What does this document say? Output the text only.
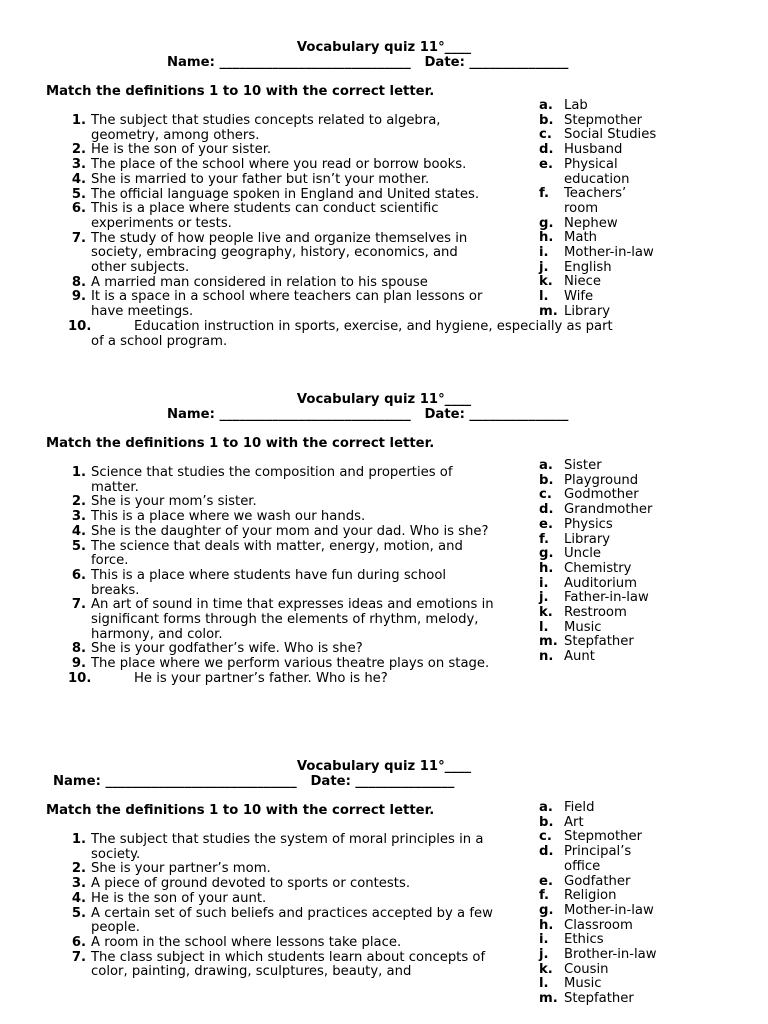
Vocabulary quiz 11°____
Name: _____________________________   Date: _______________
Match the definitions 1 to 10 with the correct letter.
1. The subject that studies concepts related to algebra, geometry, among others.
2. He is the son of your sister.
3. The place of the school where you read or borrow books.
4. She is married to your father but isn’t your mother.
5. The official language spoken in England and United states.
6. This is a place where students can conduct scientific experiments or tests.
7. The study of how people live and organize themselves in society, embracing geography, history, economics, and other subjects.
8. A married man considered in relation to his spouse
9. It is a space in a school where teachers can plan lessons or have meetings.
10.	Education instruction in sports, exercise, and hygiene, especially as part
of a school program.
a. Lab
b. Stepmother
c. Social Studies
d. Husband
e. Physical education
f. Teachers’ room
g. Nephew
h. Math
i. Mother-in-law
j. English
k. Niece
l. Wife
m. Library
Vocabulary quiz 11°____
Name: _____________________________   Date: _______________
Match the definitions 1 to 10 with the correct letter.
1. Science that studies the composition and properties of matter.
2. She is your mom’s sister.
3. This is a place where we wash our hands.
4. She is the daughter of your mom and your dad. Who is she?
5. The science that deals with matter, energy, motion, and force.
6. This is a place where students have fun during school breaks.
7. An art of sound in time that expresses ideas and emotions in significant forms through the elements of rhythm, melody, harmony, and color.
8. She is your godfather’s wife. Who is she?
9. The place where we perform various theatre plays on stage.
10.	He is your partner’s father. Who is he?
a. Sister
b. Playground
c. Godmother
d. Grandmother
e. Physics
f. Library
g. Uncle
h. Chemistry
i. Auditorium
j. Father-in-law
k. Restroom
l. Music
m. Stepfather
n. Aunt
Vocabulary quiz 11°____
Name: _____________________________   Date: _______________
Match the definitions 1 to 10 with the correct letter.
1. The subject that studies the system of moral principles in a society.
2. She is your partner’s mom.
3. A piece of ground devoted to sports or contests.
4. He is the son of your aunt.
5. A certain set of such beliefs and practices accepted by a few people.
6. A room in the school where lessons take place.
7. The class subject in which students learn about concepts of color, painting, drawing, sculptures, beauty, and
a. Field
b. Art
c. Stepmother
d. Principal’s office
e. Godfather
f. Religion
g. Mother-in-law
h. Classroom
i. Ethics
j. Brother-in-law
k. Cousin
l. Music
m. Stepfather
